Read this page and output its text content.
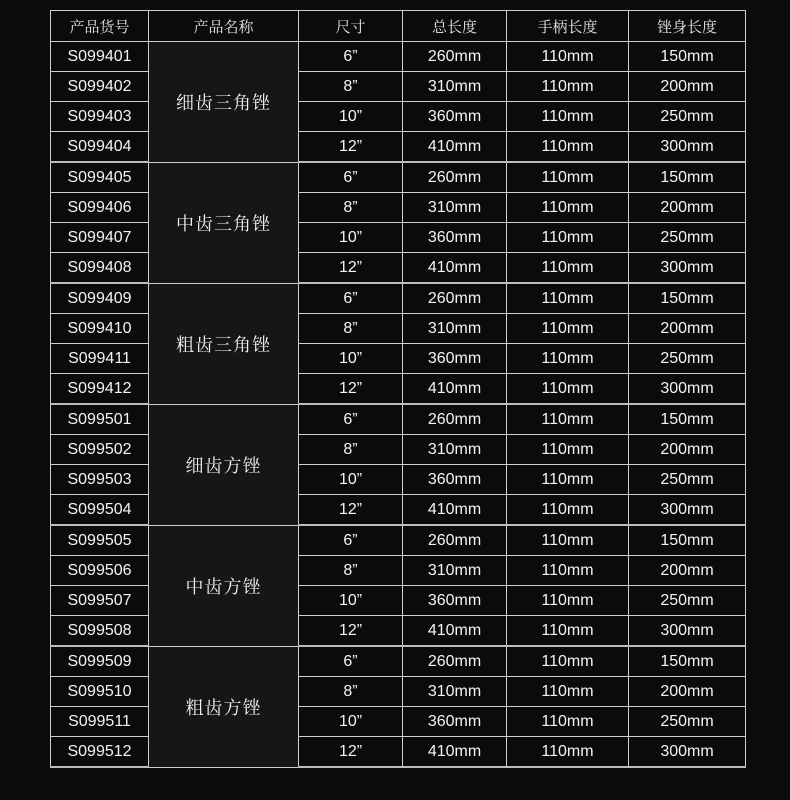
产品货号	产品名称	尺寸	总长度	手柄长度	锉身长度
S099401	细齿三角锉	6”	260mm	110mm	150mm
S099402		8”	310mm	110mm	200mm
S099403		10”	360mm	110mm	250mm
S099404		12”	410mm	110mm	300mm
S099405	中齿三角锉	6”	260mm	110mm	150mm
S099406		8”	310mm	110mm	200mm
S099407		10”	360mm	110mm	250mm
S099408		12”	410mm	110mm	300mm
S099409	粗齿三角锉	6”	260mm	110mm	150mm
S099410		8”	310mm	110mm	200mm
S099411		10”	360mm	110mm	250mm
S099412		12”	410mm	110mm	300mm
S099501	细齿方锉	6”	260mm	110mm	150mm
S099502		8”	310mm	110mm	200mm
S099503		10”	360mm	110mm	250mm
S099504		12”	410mm	110mm	300mm
S099505	中齿方锉	6”	260mm	110mm	150mm
S099506		8”	310mm	110mm	200mm
S099507		10”	360mm	110mm	250mm
S099508		12”	410mm	110mm	300mm
S099509	粗齿方锉	6”	260mm	110mm	150mm
S099510		8”	310mm	110mm	200mm
S099511		10”	360mm	110mm	250mm
S099512		12”	410mm	110mm	300mm
